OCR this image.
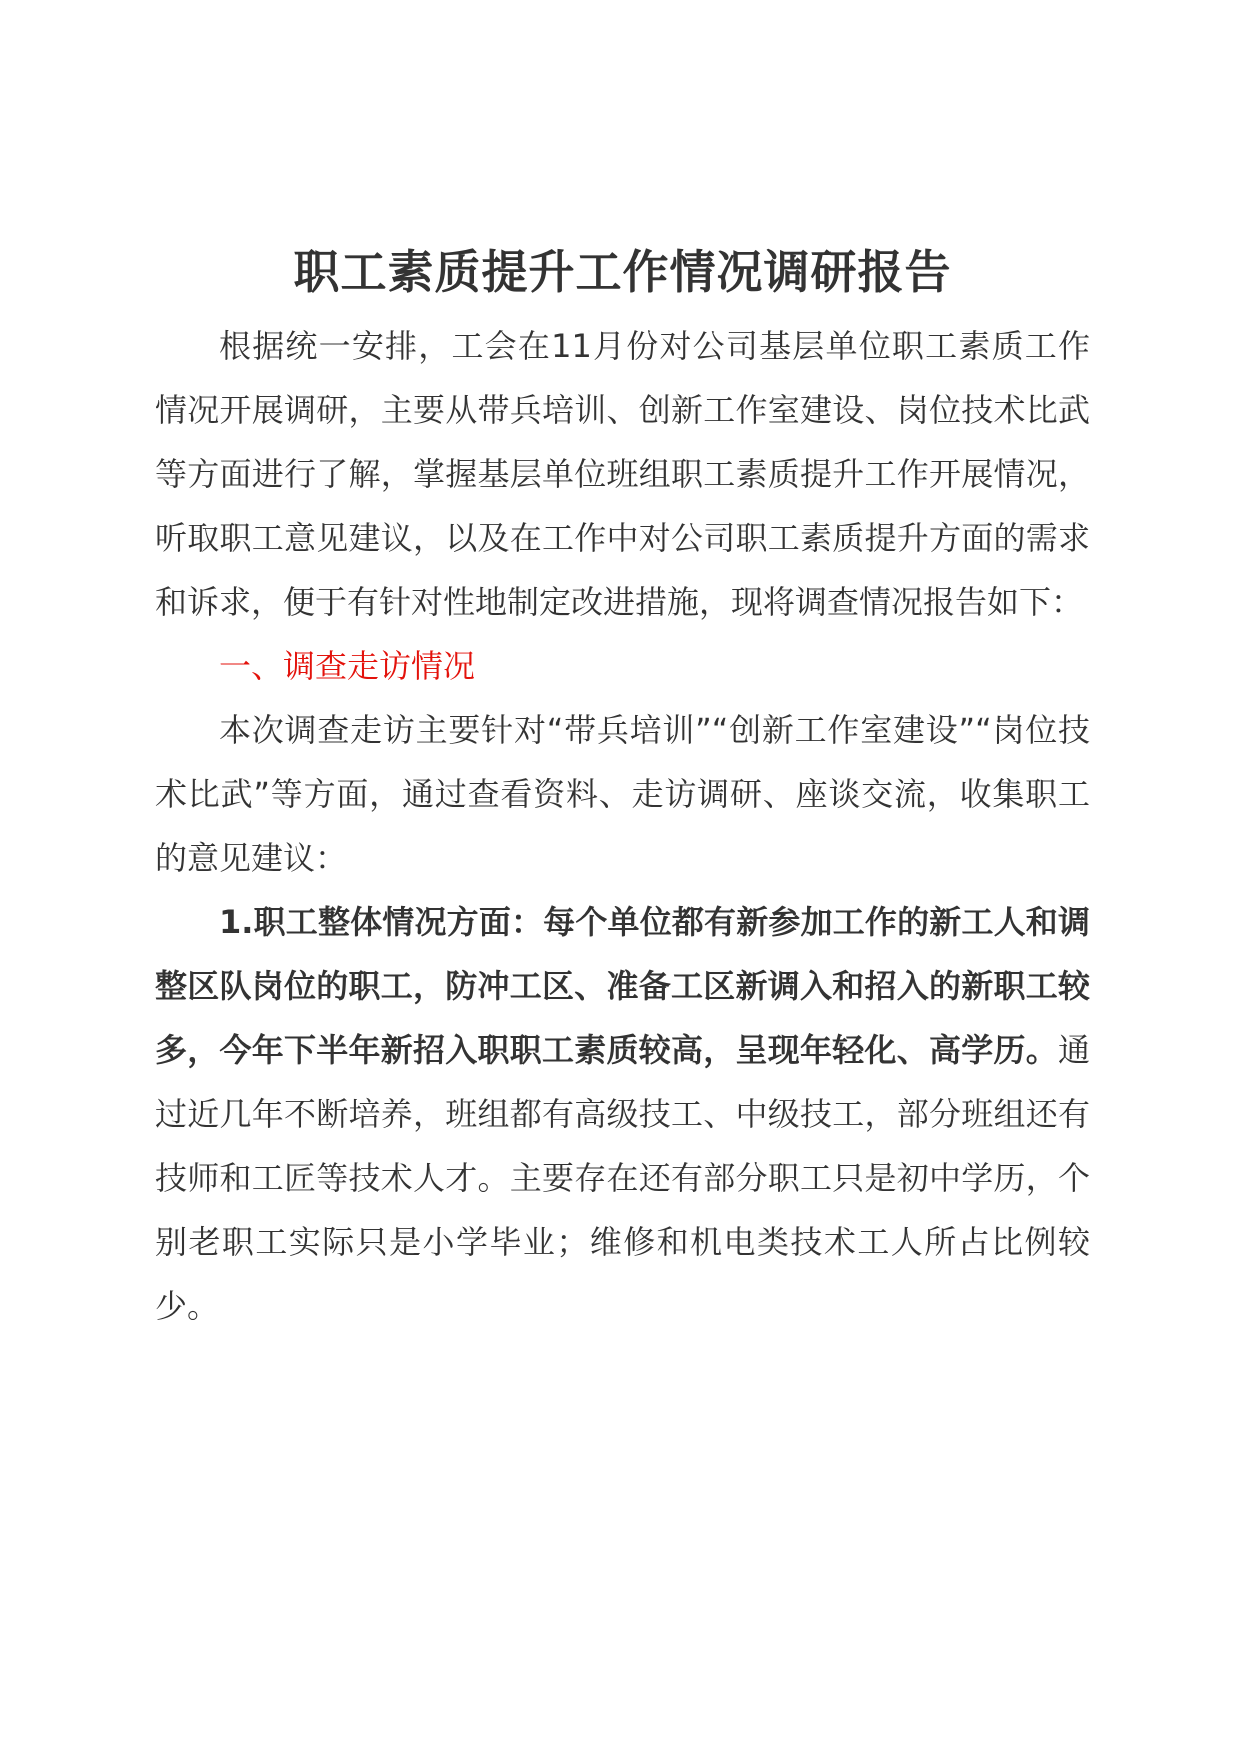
职工素质提升工作情况调研报告

根据统一安排，工会在11月份对公司基层单位职工素质工作情况开展调研，主要从带兵培训、创新工作室建设、岗位技术比武等方面进行了解，掌握基层单位班组职工素质提升工作开展情况，听取职工意见建议，以及在工作中对公司职工素质提升方面的需求和诉求，便于有针对性地制定改进措施，现将调查情况报告如下：

一、调查走访情况

本次调查走访主要针对“带兵培训”“创新工作室建设”“岗位技术比武”等方面，通过查看资料、走访调研、座谈交流，收集职工的意见建议：

1.职工整体情况方面：每个单位都有新参加工作的新工人和调整区队岗位的职工，防冲工区、准备工区新调入和招入的新职工较多，今年下半年新招入职职工素质较高，呈现年轻化、高学历。通过近几年不断培养，班组都有高级技工、中级技工，部分班组还有技师和工匠等技术人才。主要存在还有部分职工只是初中学历，个别老职工实际只是小学毕业；维修和机电类技术工人所占比例较少。
